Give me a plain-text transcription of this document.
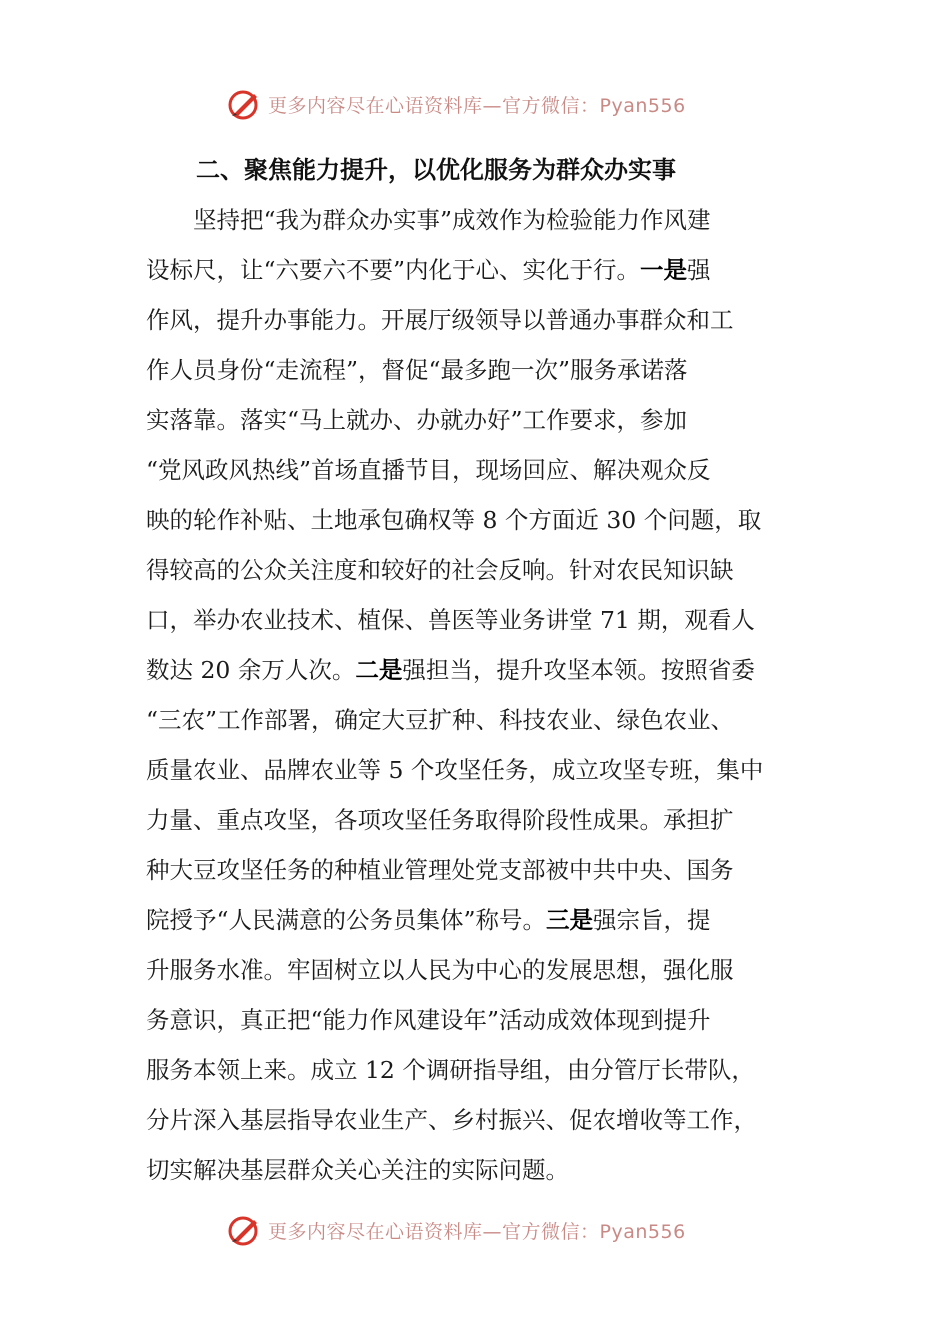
更多内容尽在心语资料库—官方微信：Pyan556
二、聚焦能力提升，以优化服务为群众办实事
坚持把“我为群众办实事”成效作为检验能力作风建
设标尺，让“六要六不要”内化于心、实化于行。一是强
作风，提升办事能力。开展厅级领导以普通办事群众和工
作人员身份“走流程”，督促“最多跑一次”服务承诺落
实落靠。落实“马上就办、办就办好”工作要求，参加
“党风政风热线”首场直播节目，现场回应、解决观众反
映的轮作补贴、土地承包确权等 8 个方面近 30 个问题，取
得较高的公众关注度和较好的社会反响。针对农民知识缺
口，举办农业技术、植保、兽医等业务讲堂 71 期，观看人
数达 20 余万人次。二是强担当，提升攻坚本领。按照省委
“三农”工作部署，确定大豆扩种、科技农业、绿色农业、
质量农业、品牌农业等 5 个攻坚任务，成立攻坚专班，集中
力量、重点攻坚，各项攻坚任务取得阶段性成果。承担扩
种大豆攻坚任务的种植业管理处党支部被中共中央、国务
院授予“人民满意的公务员集体”称号。三是强宗旨，提
升服务水准。牢固树立以人民为中心的发展思想，强化服
务意识，真正把“能力作风建设年”活动成效体现到提升
服务本领上来。成立 12 个调研指导组，由分管厅长带队，
分片深入基层指导农业生产、乡村振兴、促农增收等工作，
切实解决基层群众关心关注的实际问题。
更多内容尽在心语资料库—官方微信：Pyan556
